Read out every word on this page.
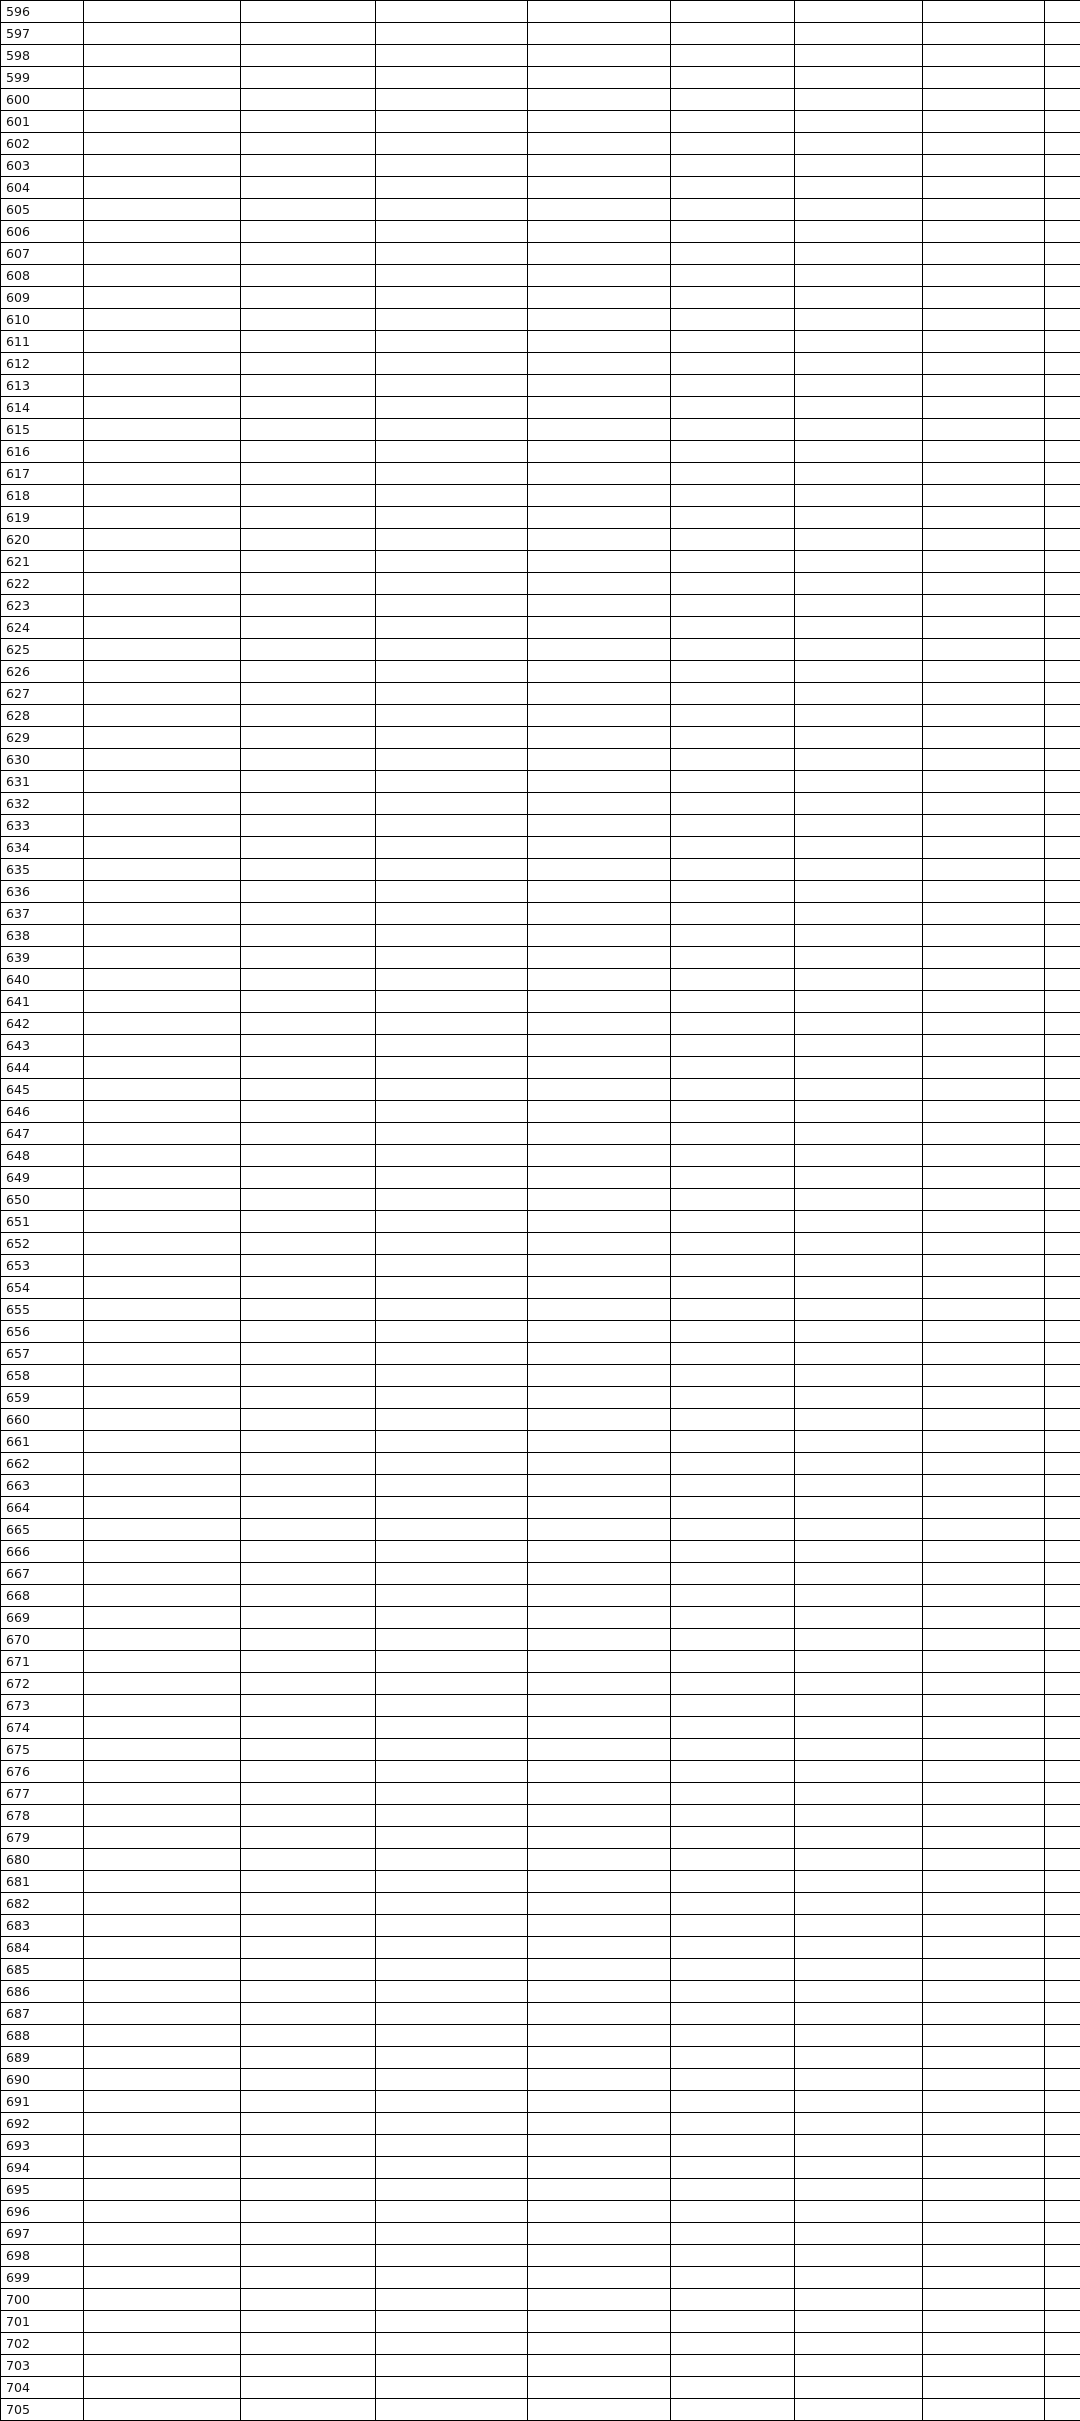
596									
597									
598									
599									
600									
601									
602									
603									
604									
605									
606									
607									
608									
609									
610									
611									
612									
613									
614									
615									
616									
617									
618									
619									
620									
621									
622									
623									
624									
625									
626									
627									
628									
629									
630									
631									
632									
633									
634									
635									
636									
637									
638									
639									
640									
641									
642									
643									
644									
645									
646									
647									
648									
649									
650									
651									
652									
653									
654									
655									
656									
657									
658									
659									
660									
661									
662									
663									
664									
665									
666									
667									
668									
669									
670									
671									
672									
673									
674									
675									
676									
677									
678									
679									
680									
681									
682									
683									
684									
685									
686									
687									
688									
689									
690									
691									
692									
693									
694									
695									
696									
697									
698									
699									
700									
701									
702									
703									
704									
705									
